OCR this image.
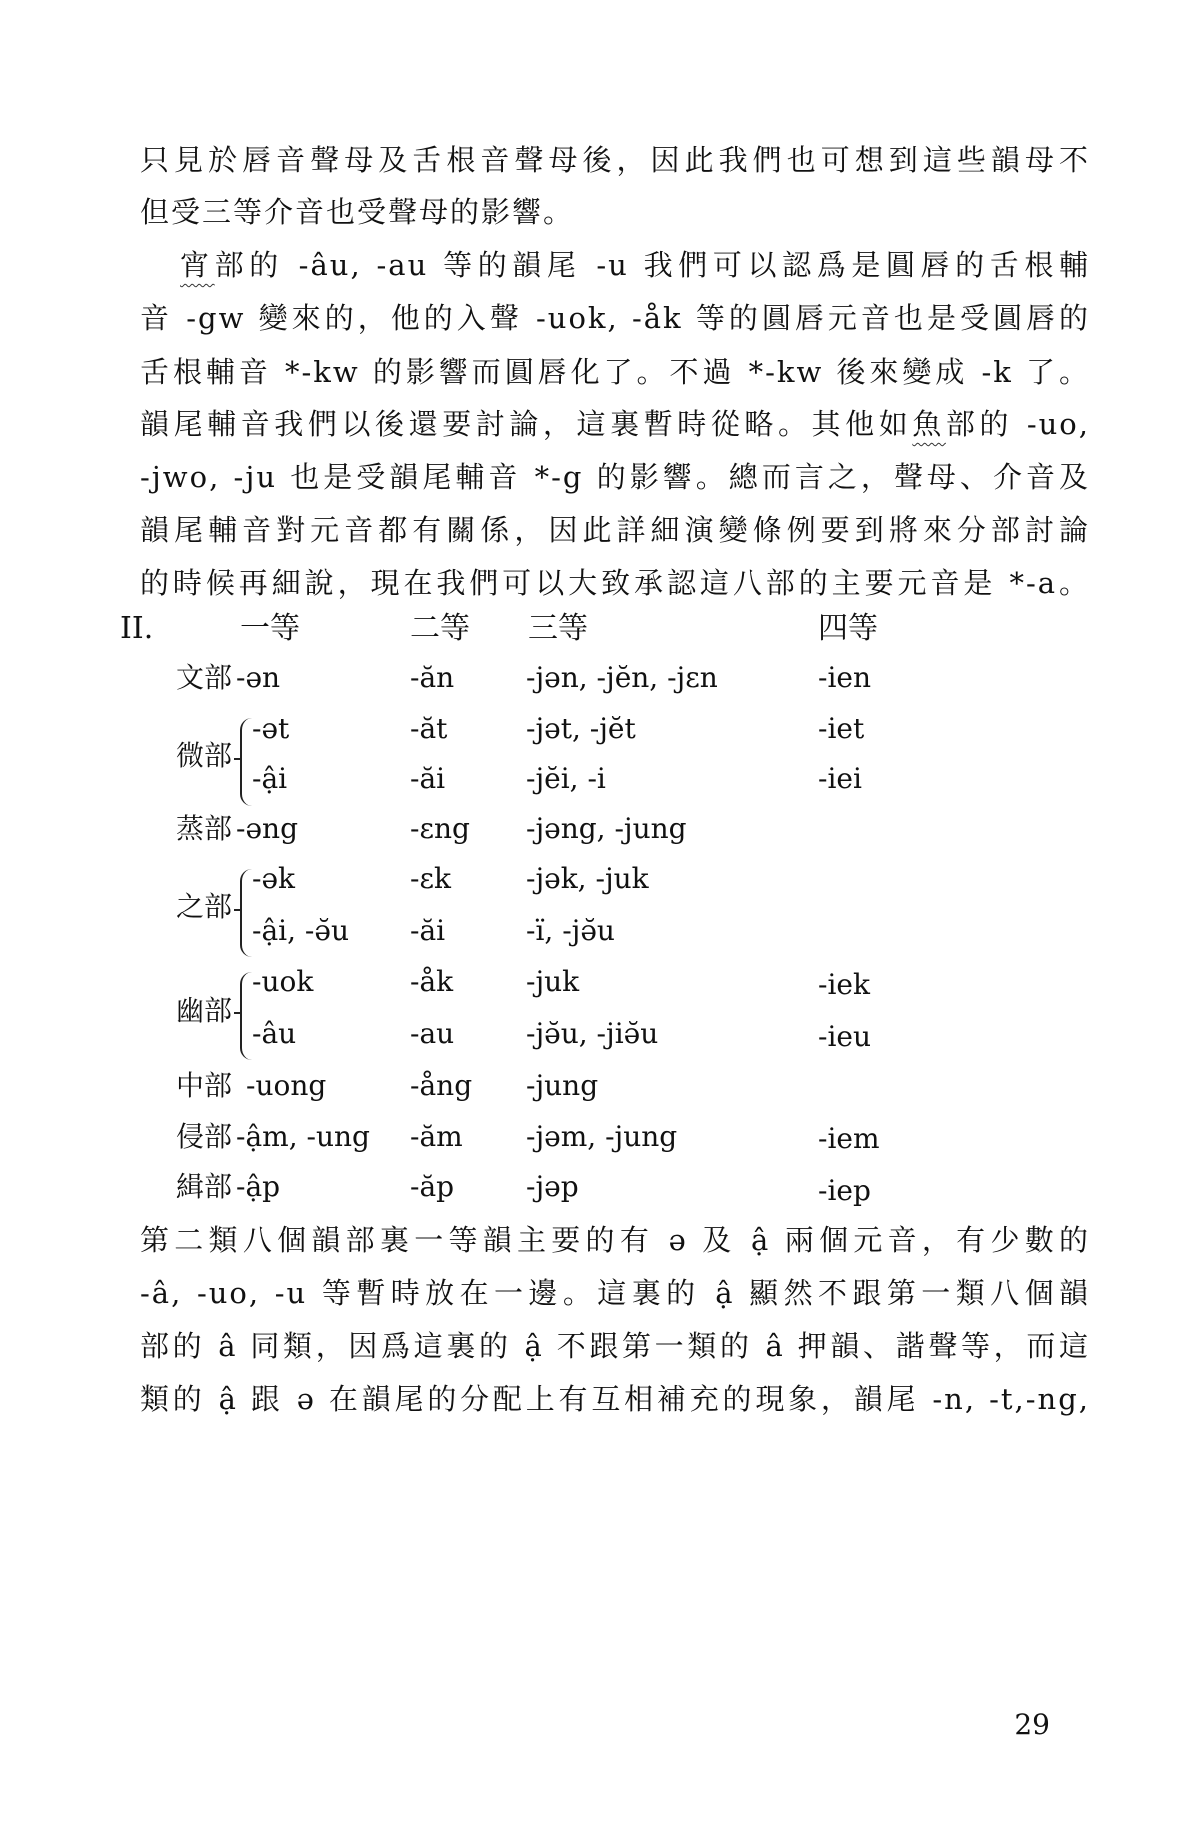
只見於唇音聲母及舌根音聲母後，因此我們也可想到這些韻母不
但受三等介音也受聲母的影響。
宵部的 -âu, -au 等的韻尾 -u 我們可以認爲是圓唇的舌根輔
音 -gw 變來的，他的入聲 -uok, -åk 等的圓唇元音也是受圓唇的
舌根輔音 *-kw 的影響而圓唇化了。不過 *-kw 後來變成 -k 了。
韻尾輔音我們以後還要討論，這裏暫時從略。其他如魚部的 -uo,
-jwo, -ju 也是受韻尾輔音 *-g 的影響。總而言之，聲母、介音及
韻尾輔音對元音都有關係，因此詳細演變條例要到將來分部討論
的時候再細說，現在我們可以大致承認這八部的主要元音是 *-a。
II.	一等	二等 三等	四等
文部 -ən	-ăn	-jən, -jĕn, -jɛn	-ien
微部
-ət	-ăt	-jət, -jĕt	-iet
-ậi	-ăi	-jĕi, -i	-iei
蒸部 -əng	-ɛng -jəng, -jung
之部
-ək	-ɛk	-jək, -juk
-ậi, -ǝ̆u -ăi	-ï, -jǝ̆u
幽部
-uok	-åk	-juk	-iek
-âu	-au	-jǝ̆u, -jiǝ̆u	-ieu
中部 -uong	-ång -jung
侵部 -ậm, -ung -ăm -jəm, -jung	-iem
緝部 -ập	-ăp	-jəp	-iep
第二類八個韻部裏一等韻主要的有 ə 及 ậ 兩個元音，有少數的
-â, -uo, -u 等暫時放在一邊。這裏的 ậ 顯然不跟第一類八個韻
部的 â 同類，因爲這裏的 ậ 不跟第一類的 â 押韻、諧聲等，而這
類的 ậ 跟 ə 在韻尾的分配上有互相補充的現象，韻尾 -n, -t,-ng,
29
